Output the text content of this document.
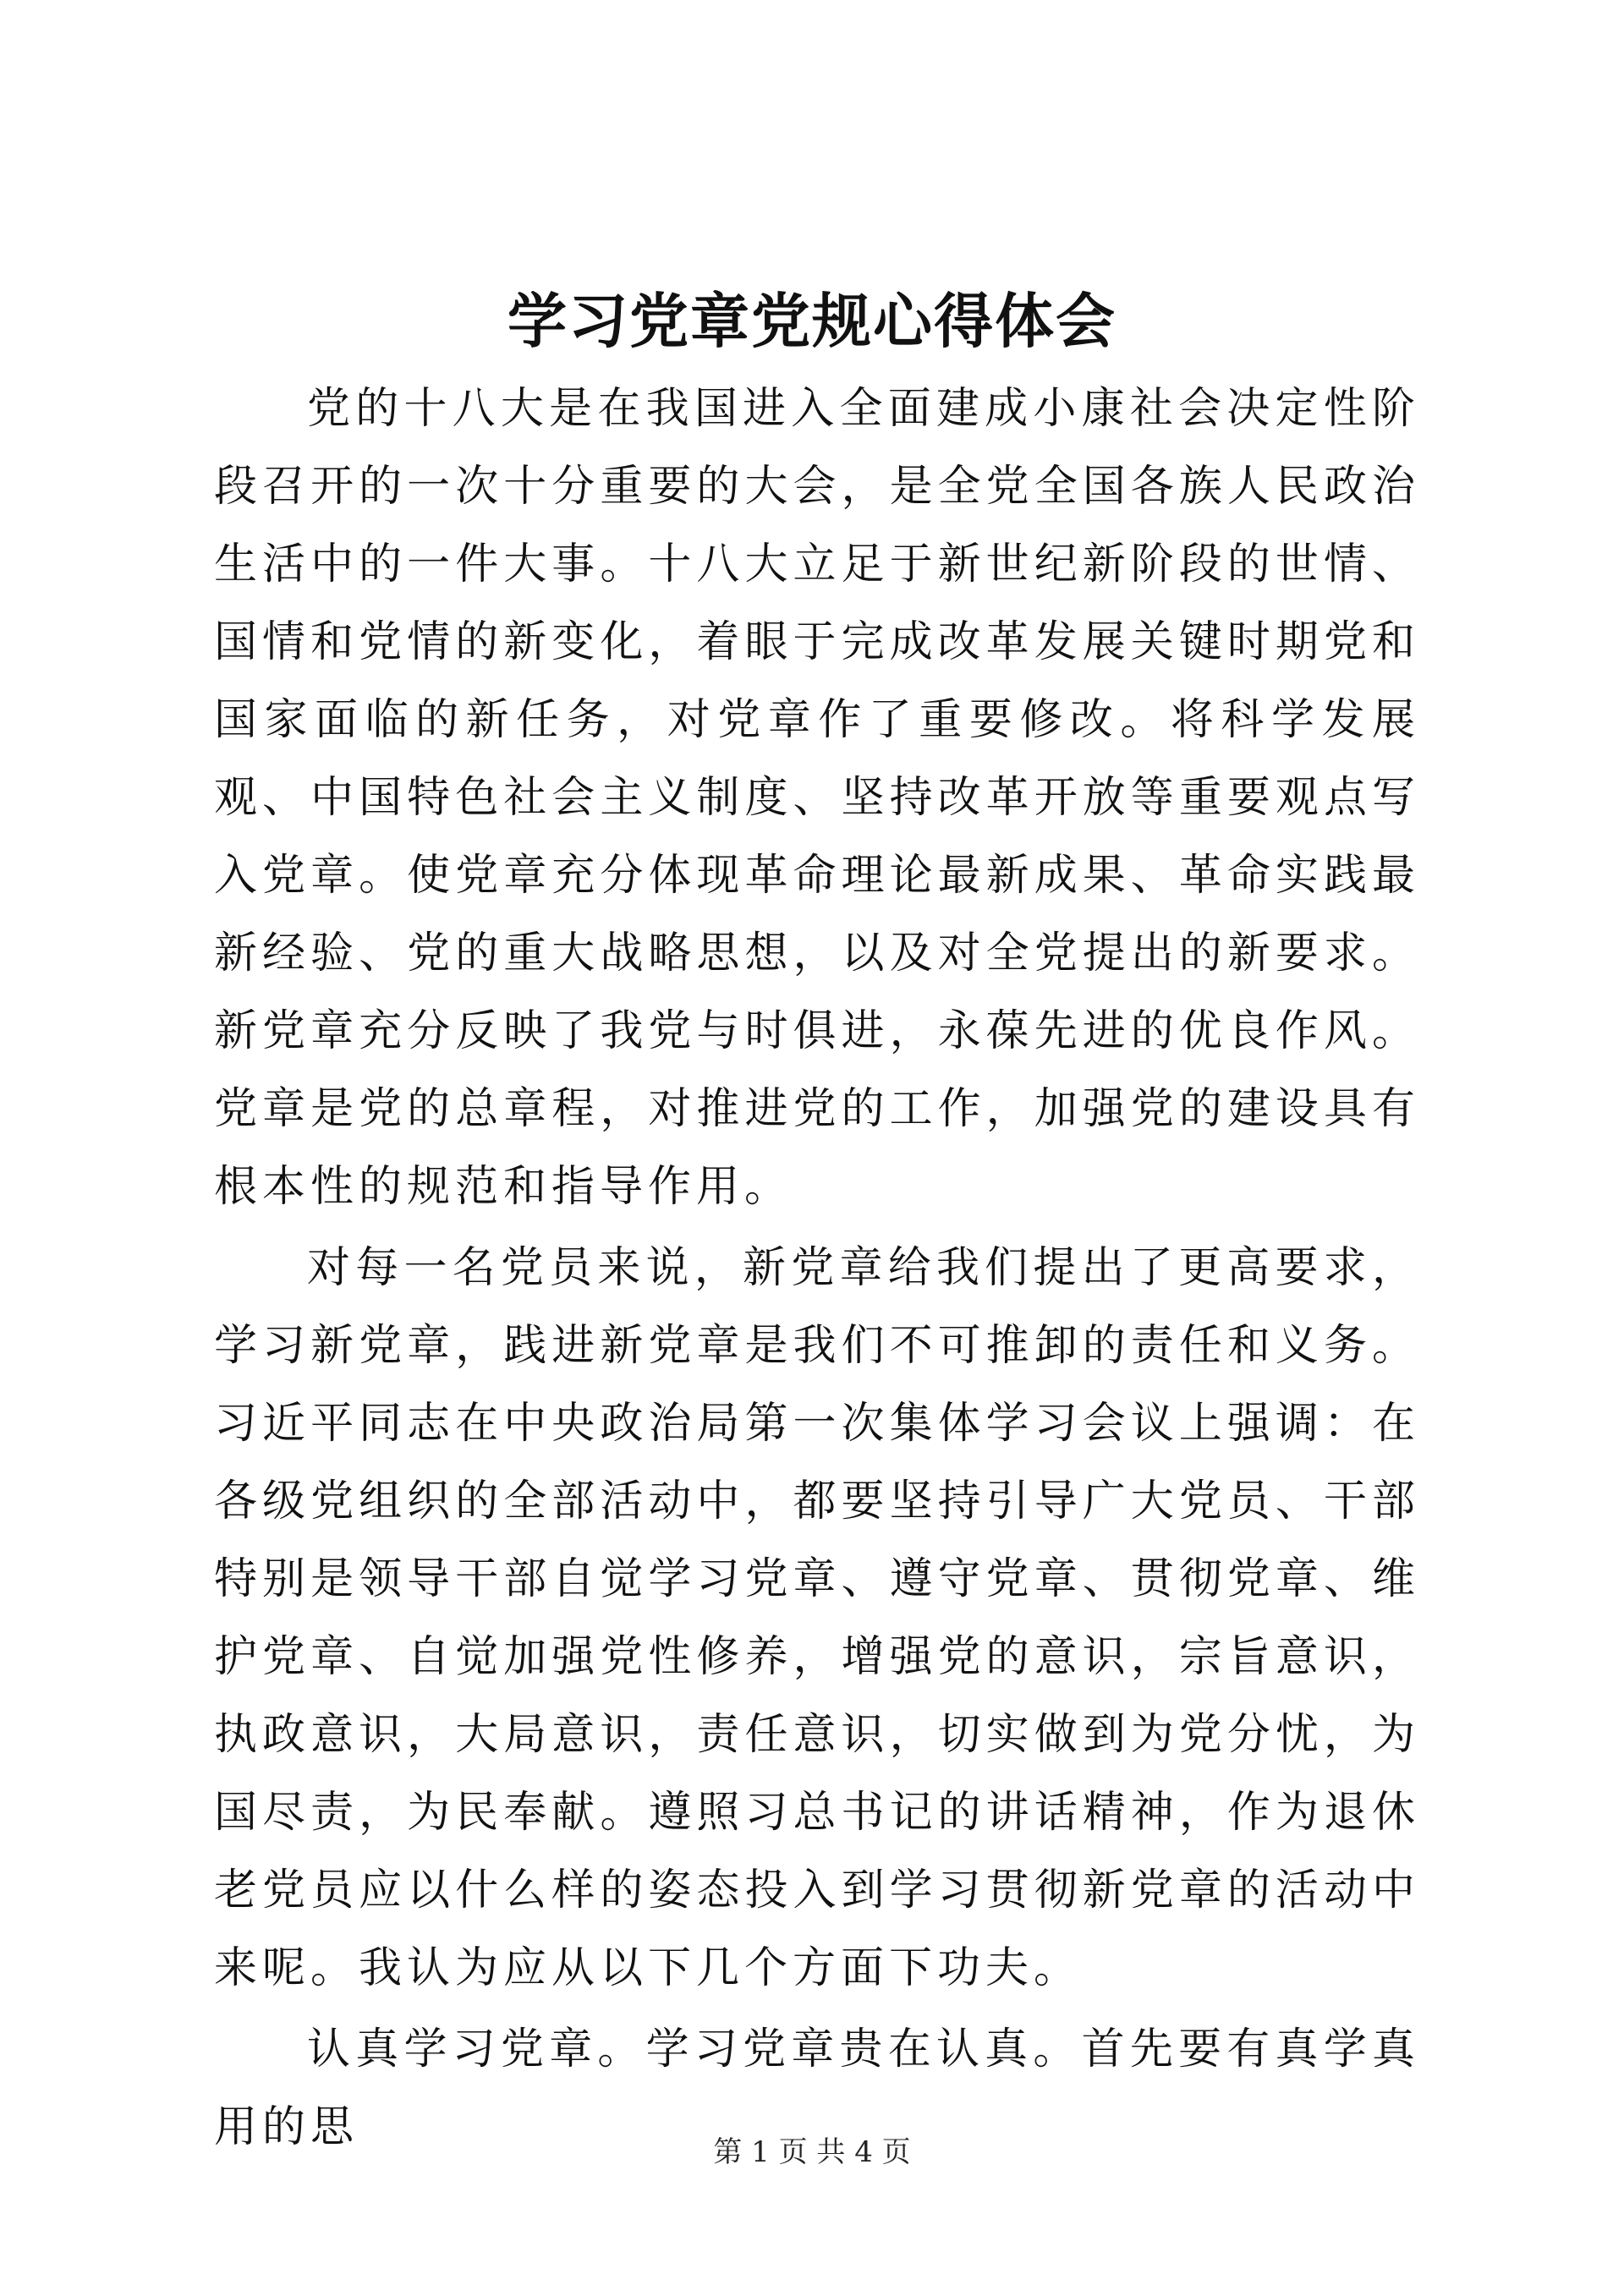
学习党章党规心得体会

党的十八大是在我国进入全面建成小康社会决定性阶段召开的一次十分重要的大会，是全党全国各族人民政治生活中的一件大事。十八大立足于新世纪新阶段的世情、国情和党情的新变化，着眼于完成改革发展关键时期党和国家面临的新任务，对党章作了重要修改。将科学发展观、中国特色社会主义制度、坚持改革开放等重要观点写入党章。使党章充分体现革命理论最新成果、革命实践最新经验、党的重大战略思想，以及对全党提出的新要求。新党章充分反映了我党与时俱进，永葆先进的优良作风。党章是党的总章程，对推进党的工作，加强党的建设具有根本性的规范和指导作用。

对每一名党员来说，新党章给我们提出了更高要求，学习新党章，践进新党章是我们不可推卸的责任和义务。习近平同志在中央政治局第一次集体学习会议上强调：在各级党组织的全部活动中，都要坚持引导广大党员、干部特别是领导干部自觉学习党章、遵守党章、贯彻党章、维护党章、自觉加强党性修养，增强党的意识，宗旨意识，执政意识，大局意识，责任意识，切实做到为党分忧，为国尽责，为民奉献。遵照习总书记的讲话精神，作为退休老党员应以什么样的姿态投入到学习贯彻新党章的活动中来呢。我认为应从以下几个方面下功夫。

认真学习党章。学习党章贵在认真。首先要有真学真用的思	第 1 页 共 4 页
